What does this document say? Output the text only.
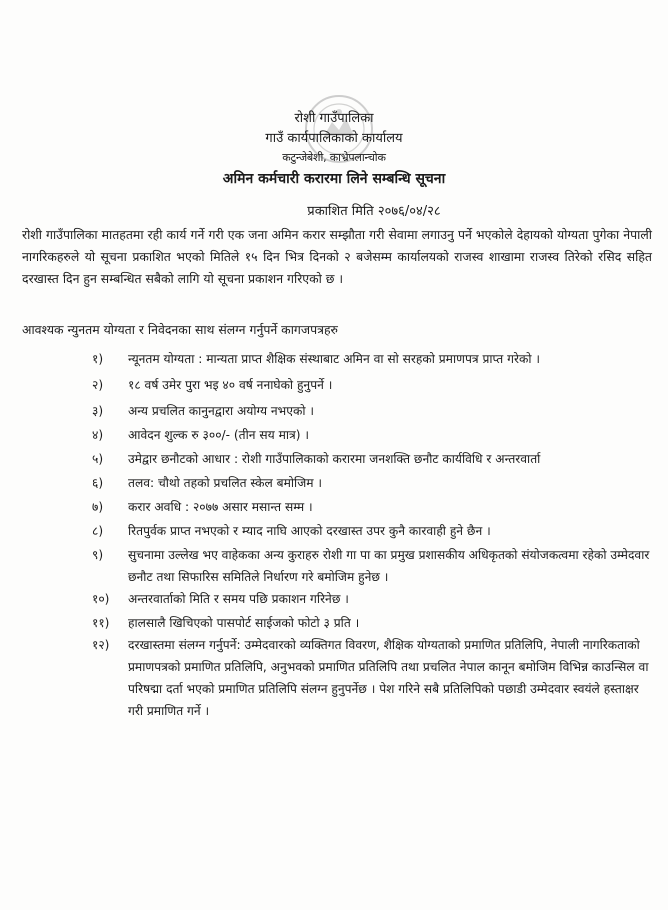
रोशी गाउँपालिका
गाउँ कार्यपालिकाको कार्यालय
कटुन्जेबेशी, काभ्रेपलान्चोक
अमिन कर्मचारी करारमा लिने सम्बन्धि सूचना
प्रकाशित मिति २०७६/०४/२८

रोशी गाउँपालिका मातहतमा रही कार्य गर्ने गरी एक जना अमिन करार सम्झौता गरी सेवामा लगाउनु पर्ने भएकोले देहायको योग्यता पुगेका नेपाली नागरिकहरुले यो सूचना प्रकाशित भएको मितिले १५ दिन भित्र दिनको २ बजेसम्म कार्यालयको राजस्व शाखामा राजस्व तिरेको रसिद सहित दरखास्त दिन हुन सम्बन्धित सबैको लागि यो सूचना प्रकाशन गरिएको छ ।

आवश्यक न्युनतम योग्यता र निवेदनका साथ संलग्न गर्नुपर्ने कागजपत्रहरु
१)	न्यूनतम योग्यता : मान्यता प्राप्त शैक्षिक संस्थाबाट अमिन वा सो सरहको प्रमाणपत्र प्राप्त गरेको ।
२)	१८ वर्ष उमेर पुरा भइ ४० वर्ष ननाघेको हुनुपर्ने ।
३)	अन्य प्रचलित कानुनद्वारा अयोग्य नभएको ।
४)	आवेदन शुल्क रु ३००/- (तीन सय मात्र) ।
५)	उमेद्वार छनौटको आधार : रोशी गाउँपालिकाको करारमा जनशक्ति छनौट कार्यविधि र अन्तरवार्ता
६)	तलव: चौथो तहको प्रचलित स्केल बमोजिम ।
७)	करार अवधि : २०७७ असार मसान्त सम्म ।
८)	रितपुर्वक प्राप्त नभएको र म्याद नाघि आएको दरखास्त उपर कुनै कारवाही हुने छैन ।
९)	सुचनामा उल्लेख भए वाहेकका अन्य कुराहरु रोशी गा पा का प्रमुख प्रशासकीय अधिकृतको संयोजकत्वमा रहेको उम्मेदवार छनौट तथा सिफारिस समितिले निर्धारण गरे बमोजिम हुनेछ ।
१०)	अन्तरवार्ताको मिति र समय पछि प्रकाशन गरिनेछ ।
११)	हालसालै खिचिएको पासपोर्ट साईजको फोटो ३ प्रति ।
१२)	दरखास्तमा संलग्न गर्नुपर्ने: उम्मेदवारको व्यक्तिगत विवरण, शैक्षिक योग्यताको प्रमाणित प्रतिलिपि, नेपाली नागरिकताको प्रमाणपत्रको प्रमाणित प्रतिलिपि, अनुभवको प्रमाणित प्रतिलिपि तथा प्रचलित नेपाल कानून बमोजिम विभिन्न काउन्सिल वा परिषद्मा दर्ता भएको प्रमाणित प्रतिलिपि संलग्न हुनुपर्नेछ । पेश गरिने सबै प्रतिलिपिको पछाडी उम्मेदवार स्वयंले हस्ताक्षर गरी प्रमाणित गर्ने ।
